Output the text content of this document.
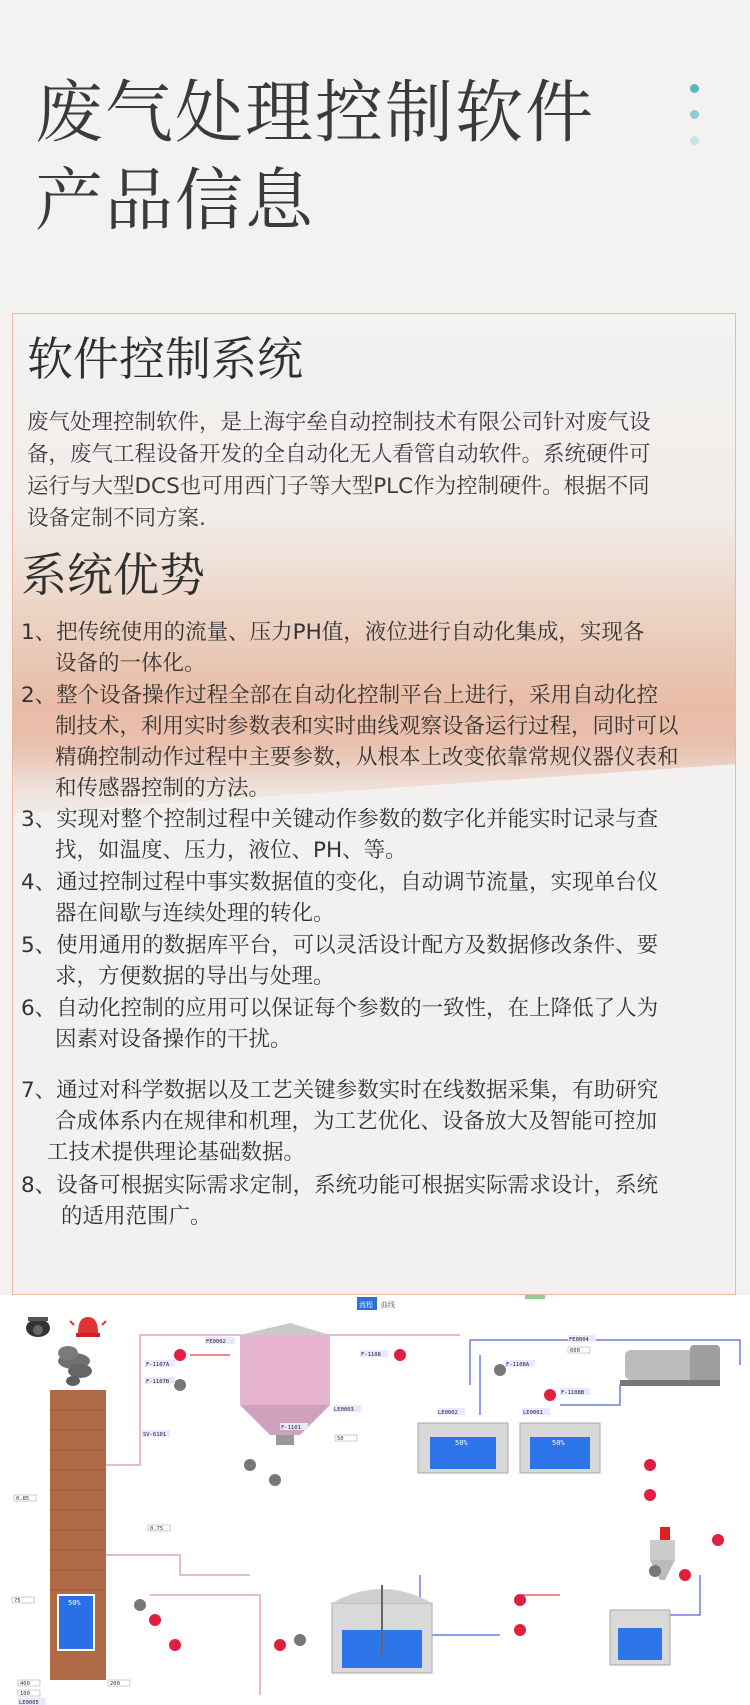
废气处理控制软件
产品信息
软件控制系统

废气处理控制软件，是上海宇垒自动控制技术有限公司针对废气设

备，废气工程设备开发的全自动化无人看管自动软件。系统硬件可

运行与大型DCS也可用西门子等大型PLC作为控制硬件。根据不同

设备定制不同方案.

系统优势
1、把传统使用的流量、压力PH值，液位进行自动化集成，实现各
设备的一体化。
2、整个设备操作过程全部在自动化控制平台上进行，采用自动化控
制技术，利用实时参数表和实时曲线观察设备运行过程，同时可以
精确控制动作过程中主要参数，从根本上改变依靠常规仪器仪表和
和传感器控制的方法。
3、实现对整个控制过程中关键动作参数的数字化并能实时记录与查
找，如温度、压力，液位、PH、等。
4、通过控制过程中事实数据值的变化，自动调节流量，实现单台仪
器在间歇与连续处理的转化。
5、使用通用的数据库平台，可以灵活设计配方及数据修改条件、要
求，方便数据的导出与处理。
6、自动化控制的应用可以保证每个参数的一致性，在上降低了人为
因素对设备操作的干扰。
7、通过对科学数据以及工艺关键参数实时在线数据采集，有助研究
合成体系内在规律和机理，为工艺优化、设备放大及智能可控加
工技术提供理论基础数据。
8、设备可根据实际需求定制，系统功能可根据实际需求设计，系统
的适用范围广。
流程 曲线
50%
50%	50%
F-1107A
F-1107B
FE0002
F-1108
LE0003	LE0002	LE0001
F-1108A
F-1108B
FE0004
LE0005
F-1101
SV-6101
400	200
100
75
0.75
0.85
50
600
